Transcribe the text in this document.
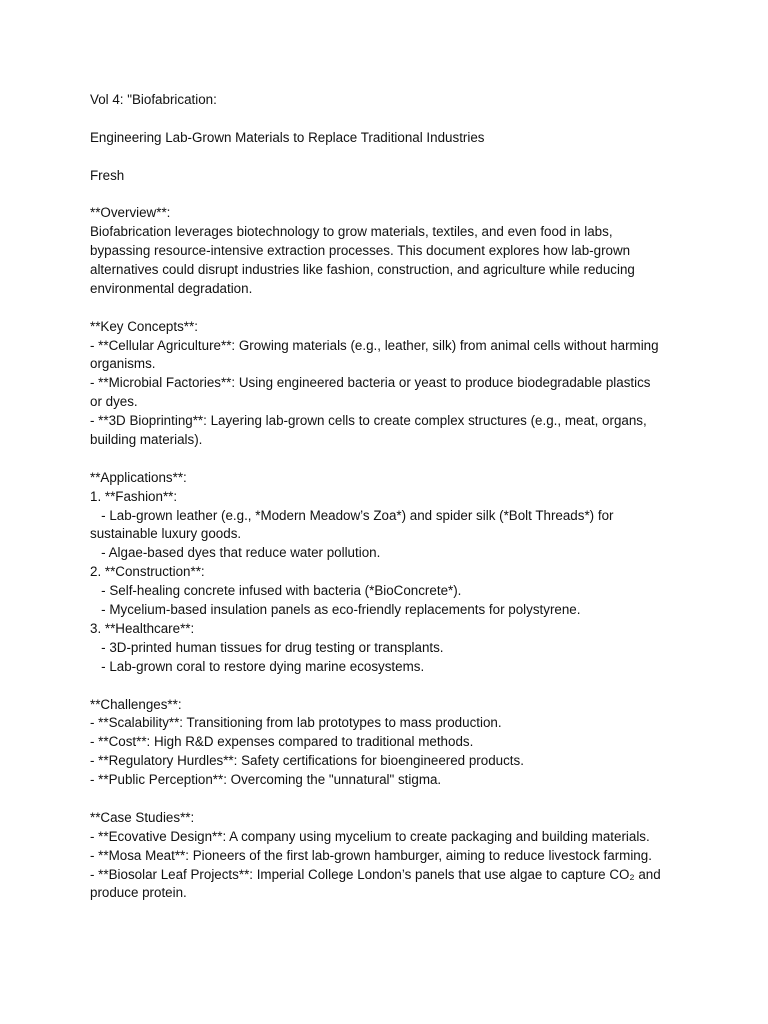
Vol 4: "Biofabrication:
Engineering Lab-Grown Materials to Replace Traditional Industries
Fresh
**Overview**:
Biofabrication leverages biotechnology to grow materials, textiles, and even food in labs,
bypassing resource-intensive extraction processes. This document explores how lab-grown
alternatives could disrupt industries like fashion, construction, and agriculture while reducing
environmental degradation.
**Key Concepts**:
- **Cellular Agriculture**: Growing materials (e.g., leather, silk) from animal cells without harming
organisms.
- **Microbial Factories**: Using engineered bacteria or yeast to produce biodegradable plastics
or dyes.
- **3D Bioprinting**: Layering lab-grown cells to create complex structures (e.g., meat, organs,
building materials).
**Applications**:
1. **Fashion**:
- Lab-grown leather (e.g., *Modern Meadow’s Zoa*) and spider silk (*Bolt Threads*) for
sustainable luxury goods.
- Algae-based dyes that reduce water pollution.
2. **Construction**:
- Self-healing concrete infused with bacteria (*BioConcrete*).
- Mycelium-based insulation panels as eco-friendly replacements for polystyrene.
3. **Healthcare**:
- 3D-printed human tissues for drug testing or transplants.
- Lab-grown coral to restore dying marine ecosystems.
**Challenges**:
- **Scalability**: Transitioning from lab prototypes to mass production.
- **Cost**: High R&D expenses compared to traditional methods.
- **Regulatory Hurdles**: Safety certifications for bioengineered products.
- **Public Perception**: Overcoming the "unnatural" stigma.
**Case Studies**:
- **Ecovative Design**: A company using mycelium to create packaging and building materials.
- **Mosa Meat**: Pioneers of the first lab-grown hamburger, aiming to reduce livestock farming.
- **Biosolar Leaf Projects**: Imperial College London’s panels that use algae to capture CO₂ and
produce protein.
